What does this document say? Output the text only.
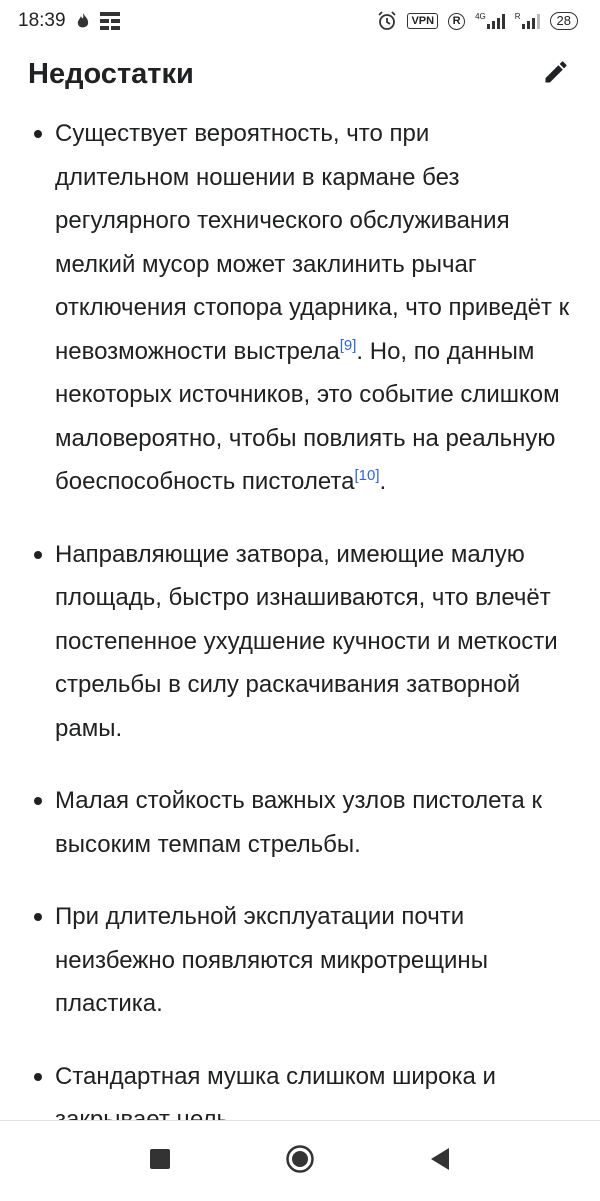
18:39	VPN	R	4G	R	28
Недостатки
Существует вероятность, что при длительном ношении в кармане без регулярного технического обслуживания мелкий мусор может заклинить рычаг отключения стопора ударника, что приведёт к невозможности выстрела[9]. Но, по данным некоторых источников, это событие слишком маловероятно, чтобы повлиять на реальную боеспособность пистолета[10].
Направляющие затвора, имеющие малую площадь, быстро изнашиваются, что влечёт постепенное ухудшение кучности и меткости стрельбы в силу раскачивания затворной рамы.
Малая стойкость важных узлов пистолета к высоким темпам стрельбы.
При длительной эксплуатации почти неизбежно появляются микротрещины пластика.
Стандартная мушка слишком широка и
